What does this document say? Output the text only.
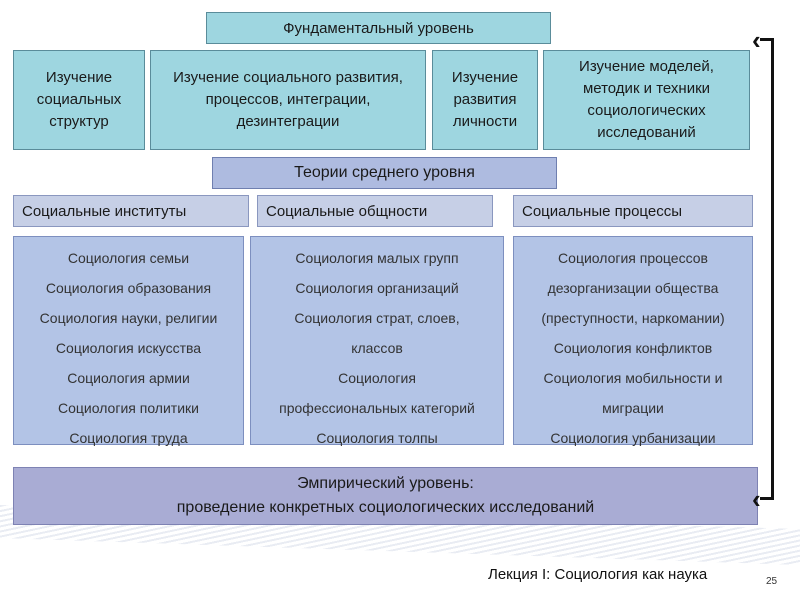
Фундаментальный уровень
Изучение социальных структур
Изучение социального развития, процессов, интеграции, дезинтеграции
Изучение развития личности
Изучение моделей, методик и техники социологических исследований
Теории среднего уровня
Социальные институты	Социальные общности	Социальные процессы
Социология семьи
Социология образования
Социология науки, религии
Социология искусства
Социология армии
Социология политики
Социология труда
Социология малых групп
Социология организаций
Социология страт, слоев,
классов
Социология
профессиональных категорий
Социология толпы
Социология процессов
дезорганизации общества
(преступности, наркомании)
Социология конфликтов
Социология мобильности и
миграции
Социология урбанизации
Эмпирический уровень:
проведение конкретных социологических исследований
‹
‹
Лекция I: Социология как наука	25
